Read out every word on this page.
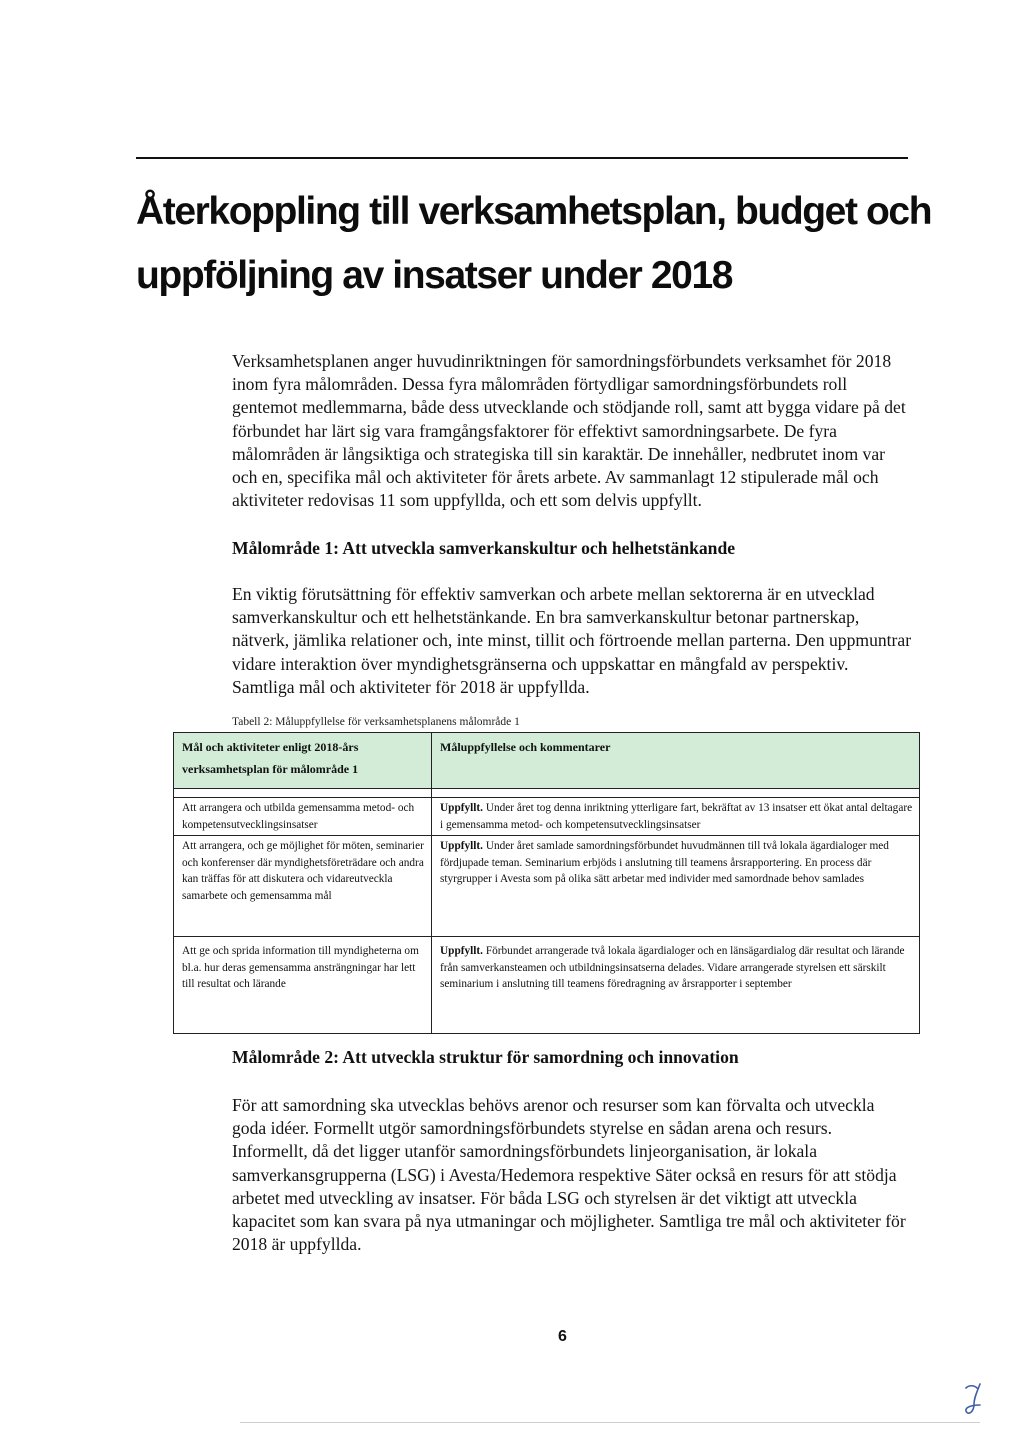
Återkoppling till verksamhetsplan, budget och
uppföljning av insatser under 2018

Verksamhetsplanen anger huvudinriktningen för samordningsförbundets verksamhet för 2018 inom fyra målområden. Dessa fyra målområden förtydligar samordningsförbundets roll gentemot medlemmarna, både dess utvecklande och stödjande roll, samt att bygga vidare på det förbundet har lärt sig vara framgångsfaktorer för effektivt samordningsarbete. De fyra målområden är långsiktiga och strategiska till sin karaktär. De innehåller, nedbrutet inom var och en, specifika mål och aktiviteter för årets arbete. Av sammanlagt 12 stipulerade mål och aktiviteter redovisas 11 som uppfyllda, och ett som delvis uppfyllt.

Målområde 1: Att utveckla samverkanskultur och helhetstänkande

En viktig förutsättning för effektiv samverkan och arbete mellan sektorerna är en utvecklad samverkanskultur och ett helhetstänkande. En bra samverkanskultur betonar partnerskap, nätverk, jämlika relationer och, inte minst, tillit och förtroende mellan parterna. Den uppmuntrar vidare interaktion över myndighetsgränserna och uppskattar en mångfald av perspektiv. Samtliga mål och aktiviteter för 2018 är uppfyllda.

Tabell 2: Måluppfyllelse för verksamhetsplanens målområde 1

Mål och aktiviteter enligt 2018-års verksamhetsplan för målområde 1	Måluppfyllelse och kommentarer

Att arrangera och utbilda gemensamma metod- och kompetensutvecklingsinsatser	Uppfyllt. Under året tog denna inriktning ytterligare fart, bekräftat av 13 insatser ett ökat antal deltagare i gemensamma metod- och kompetensutvecklingsinsatser
Att arrangera, och ge möjlighet för möten, seminarier och konferenser där myndighetsföreträdare och andra kan träffas för att diskutera och vidareutveckla samarbete och gemensamma mål	Uppfyllt. Under året samlade samordningsförbundet huvudmännen till två lokala ägardialoger med fördjupade teman. Seminarium erbjöds i anslutning till teamens årsrapportering. En process där styrgrupper i Avesta som på olika sätt arbetar med individer med samordnade behov samlades
Att ge och sprida information till myndigheterna om bl.a. hur deras gemensamma ansträngningar har lett till resultat och lärande	Uppfyllt. Förbundet arrangerade två lokala ägardialoger och en länsägardialog där resultat och lärande från samverkansteamen och utbildningsinsatserna delades. Vidare arrangerade styrelsen ett särskilt seminarium i anslutning till teamens föredragning av årsrapporter i september
Målområde 2: Att utveckla struktur för samordning och innovation

För att samordning ska utvecklas behövs arenor och resurser som kan förvalta och utveckla goda idéer. Formellt utgör samordningsförbundets styrelse en sådan arena och resurs. Informellt, då det ligger utanför samordningsförbundets linjeorganisation, är lokala samverkansgrupperna (LSG) i Avesta/Hedemora respektive Säter också en resurs för att stödja arbetet med utveckling av insatser. För båda LSG och styrelsen är det viktigt att utveckla kapacitet som kan svara på nya utmaningar och möjligheter. Samtliga tre mål och aktiviteter för 2018 är uppfyllda.

6
